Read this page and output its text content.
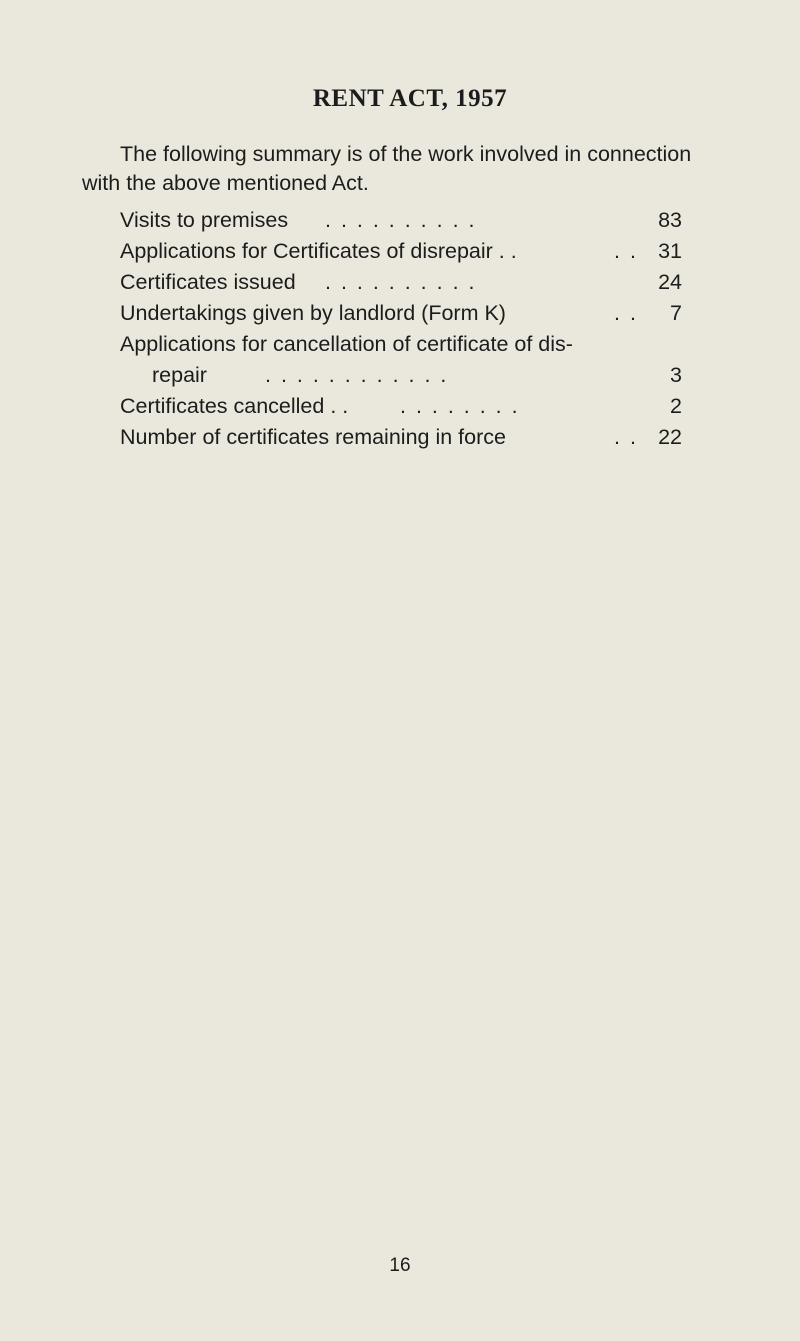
RENT ACT, 1957
The following summary is of the work involved in connection
with the above mentioned Act.
Visits to premises . . . . . . . . . .	83
Applications for Certificates of disrepair . .	. . 31
Certificates issued . . . . . . . . . .	24
Undertakings given by landlord (Form K)	. . 7
Applications for cancellation of certificate of dis-
repair	. . . . . . . . . . . .	3
Certificates cancelled . . . . . . . . . .	2
Number of certificates remaining in force	. . 22
16
